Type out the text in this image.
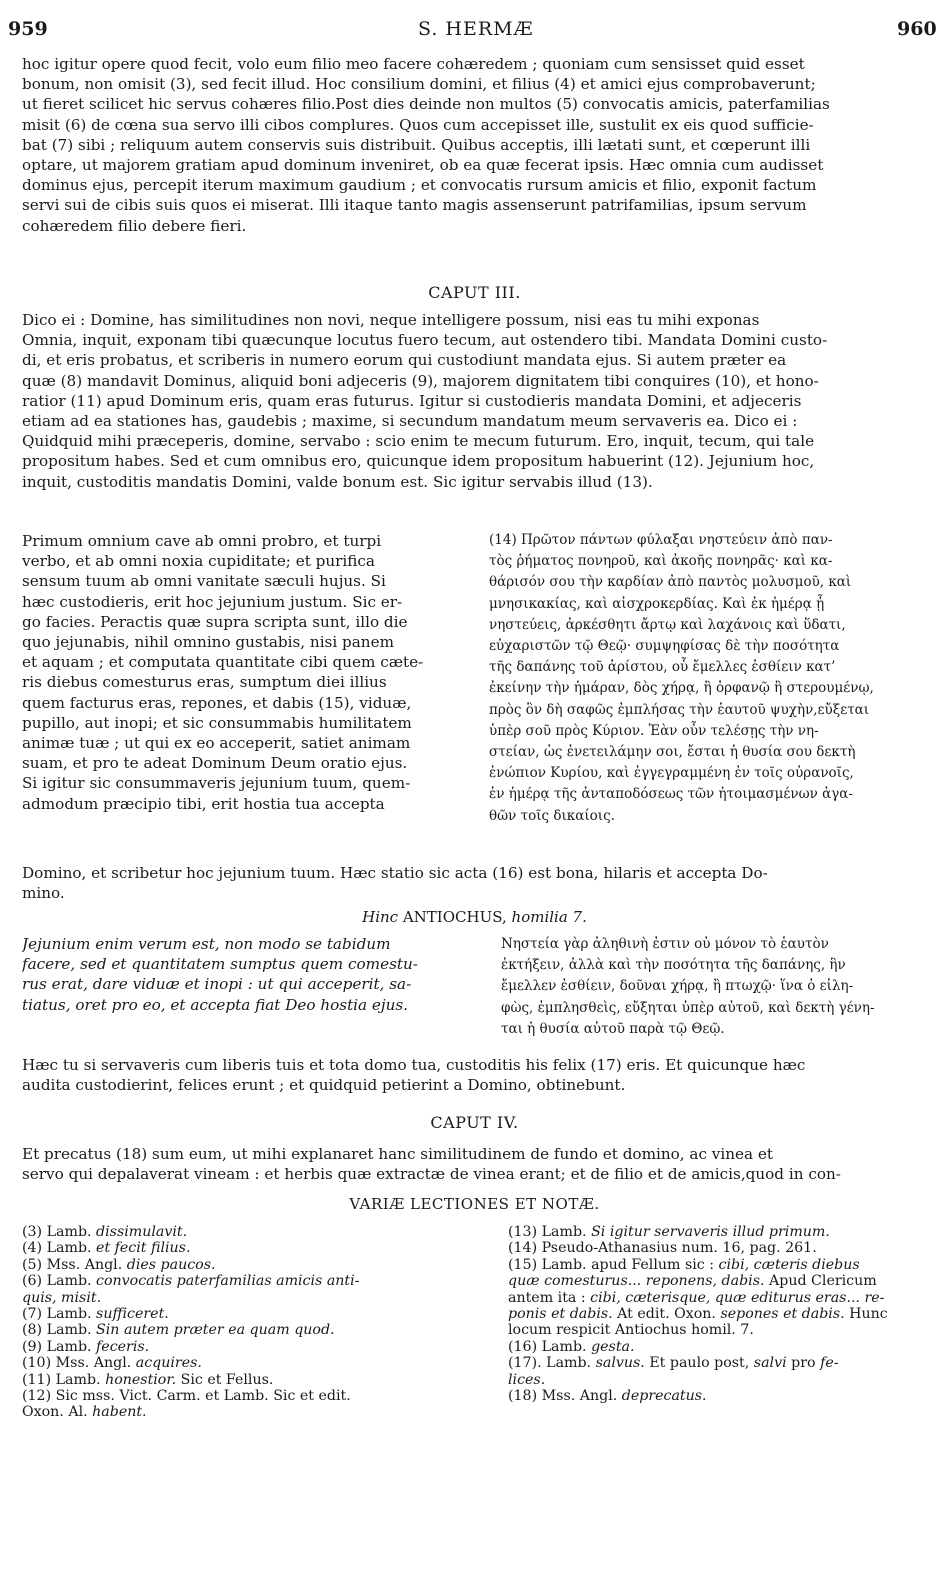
959	S. HERMÆ	960
hoc igitur opere quod fecit, volo eum filio meo facere cohæredem ; quoniam cum sensisset quid esset
bonum, non omisit (3), sed fecit illud. Hoc consilium domini, et filius (4) et amici ejus comprobaverunt;
ut fieret scilicet hic servus cohæres filio.Post dies deinde non multos (5) convocatis amicis, paterfamilias
misit (6) de cœna sua servo illi cibos complures. Quos cum accepisset ille, sustulit ex eis quod sufficie-
bat (7) sibi ; reliquum autem conservis suis distribuit. Quibus acceptis, illi lætati sunt, et cœperunt illi
optare, ut majorem gratiam apud dominum inveniret, ob ea quæ fecerat ipsis. Hæc omnia cum audisset
dominus ejus, percepit iterum maximum gaudium ; et convocatis rursum amicis et filio, exponit factum
servi sui de cibis suis quos ei miserat. Illi itaque tanto magis assenserunt patrifamilias, ipsum servum
cohæredem filio debere fieri.
CAPUT III.
Dico ei : Domine, has similitudines non novi, neque intelligere possum, nisi eas tu mihi exponas
Omnia, inquit, exponam tibi quæcunque locutus fuero tecum, aut ostendero tibi. Mandata Domini custo-
di, et eris probatus, et scriberis in numero eorum qui custodiunt mandata ejus. Si autem præter ea
quæ (8) mandavit Dominus, aliquid boni adjeceris (9), majorem dignitatem tibi conquires (10), et hono-
ratior (11) apud Dominum eris, quam eras futurus. Igitur si custodieris mandata Domini, et adjeceris
etiam ad ea stationes has, gaudebis ; maxime, si secundum mandatum meum servaveris ea. Dico ei :
Quidquid mihi præceperis, domine, servabo : scio enim te mecum futurum. Ero, inquit, tecum, qui tale
propositum habes. Sed et cum omnibus ero, quicunque idem propositum habuerint (12). Jejunium hoc,
inquit, custoditis mandatis Domini, valde bonum est. Sic igitur servabis illud (13).
Primum omnium cave ab omni probro, et turpi
verbo, et ab omni noxia cupiditate; et purifica
sensum tuum ab omni vanitate sæculi hujus. Si
hæc custodieris, erit hoc jejunium justum. Sic er-
go facies. Peractis quæ supra scripta sunt, illo die
quo jejunabis, nihil omnino gustabis, nisi panem
et aquam ; et computata quantitate cibi quem cæte-
ris diebus comesturus eras, sumptum diei illius
quem facturus eras, repones, et dabis (15), viduæ,
pupillo, aut inopi; et sic consummabis humilitatem
animæ tuæ ; ut qui ex eo acceperit, satiet animam
suam, et pro te adeat Dominum Deum oratio ejus.
Si igitur sic consummaveris jejunium tuum, quem-
admodum præcipio tibi, erit hostia tua accepta
(14) Πρῶτον πάντων φύλαξαι νηστεύειν ἀπὸ παν-
τὸς ῥήματος πονηροῦ, καὶ ἀκοῆς πονηρᾶς· καὶ κα-
θάρισόν σου τὴν καρδίαν ἀπὸ παντὸς μολυσμοῦ, καὶ
μνησικακίας, καὶ αἰσχροκερδίας. Καὶ ἐκ ἡμέρᾳ ᾗ
νηστεύεις, ἀρκέσθητι ἄρτῳ καὶ λαχάνοις καὶ ὕδατι,
εὐχαριστῶν τῷ Θεῷ· συμψηφίσας δὲ τὴν ποσότητα
τῆς δαπάνης τοῦ ἀρίστου, οὗ ἔμελλες ἐσθίειν κατ’
ἐκείνην τὴν ἡμάραν, δὸς χήρᾳ, ἢ ὀρφανῷ ἢ στερουμένῳ,
πρὸς ὃν δὴ σαφῶς ἐμπλήσας τὴν ἑαυτοῦ ψυχὴν,εὔξεται
ὑπὲρ σοῦ πρὸς Κύριον. Ἐὰν οὖν τελέσῃς τὴν νη-
στείαν, ὡς ἐνετειλάμην σοι, ἔσται ἡ θυσία σου δεκτὴ
ἐνώπιον Κυρίου, καὶ ἐγγεγραμμένη ἐν τοῖς οὐρανοῖς,
ἐν ἡμέρᾳ τῆς ἀνταποδόσεως τῶν ἠτοιμασμένων ἀγα-
θῶν τοῖς δικαίοις.
Domino, et scribetur hoc jejunium tuum. Hæc statio sic acta (16) est bona, hilaris et accepta Do-
mino.
Hinc ANTIOCHUS, homilia 7.
Jejunium enim verum est, non modo se tabidum
facere, sed et quantitatem sumptus quem comestu-
rus erat, dare viduæ et inopi : ut qui acceperit, sa-
tiatus, oret pro eo, et accepta fiat Deo hostia ejus.
Νηστεία γὰρ ἀληθινὴ ἐστιν οὐ μόνον τὸ ἑαυτὸν
ἐκτήξειν, ἀλλὰ καὶ τὴν ποσότητα τῆς δαπάνης, ἣν
ἔμελλεν ἐσθίειν, δοῦναι χήρᾳ, ἢ πτωχῷ· ἵνα ὁ εἰλη-
φὼς, ἐμπλησθεὶς, εὔξηται ὑπὲρ αὐτοῦ, καὶ δεκτὴ γένη-
ται ἡ θυσία αὐτοῦ παρὰ τῷ Θεῷ.
Hæc tu si servaveris cum liberis tuis et tota domo tua, custoditis his felix (17) eris. Et quicunque hæc
audita custodierint, felices erunt ; et quidquid petierint a Domino, obtinebunt.
CAPUT IV.
Et precatus (18) sum eum, ut mihi explanaret hanc similitudinem de fundo et domino, ac vinea et
servo qui depalaverat vineam : et herbis quæ extractæ de vinea erant; et de filio et de amicis,quod in con-
VARIÆ LECTIONES ET NOTÆ.
(3) Lamb. dissimulavit.
(4) Lamb. et fecit filius.
(5) Mss. Angl. dies paucos.
(6) Lamb. convocatis paterfamilias amicis anti-
quis, misit.
(7) Lamb. sufficeret.
(8) Lamb. Sin autem præter ea quam quod.
(9) Lamb. feceris.
(10) Mss. Angl. acquires.
(11) Lamb. honestior. Sic et Fellus.
(12) Sic mss. Vict. Carm. et Lamb. Sic et edit.
Oxon. Al. habent.
(13) Lamb. Si igitur servaveris illud primum.
(14) Pseudo-Athanasius num. 16, pag. 261.
(15) Lamb. apud Fellum sic : cibi, cæteris diebus
quæ comesturus... reponens, dabis. Apud Clericum
antem ita : cibi, cæterisque, quæ editurus eras... re-
ponis et dabis. At edit. Oxon. sepones et dabis. Hunc
locum respicit Antiochus homil. 7.
(16) Lamb. gesta.
(17). Lamb. salvus. Et paulo post, salvi pro fe-
lices.
(18) Mss. Angl. deprecatus.
